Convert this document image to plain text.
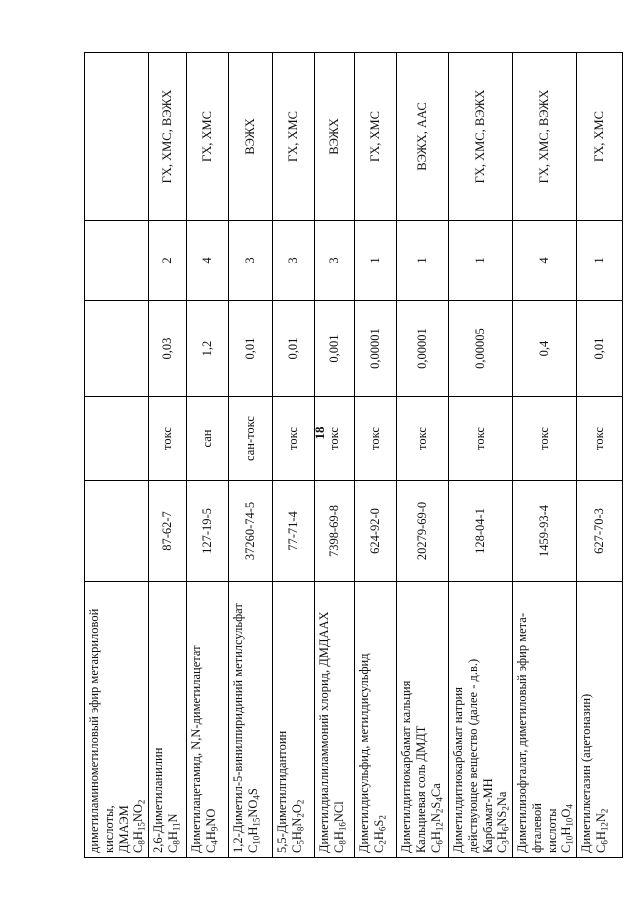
18
диметиламинометиловый эфир метакриловой кислоты, ДМАЭМ $C_8H_{15}NO_2$

2,6-Диметиланилин $C_8H_{11}N$	87-62-7	токс	0,03	2	ГХ, ХМС, ВЭЖХ

Диметилацетамид, N,N-диметилацетат $C_4H_9NO$	127-19-5	сан	1,2	4	ГХ, ХМС

1,2-Диметил-5-винилпиридиний метилсульфат $C_{10}H_{15}NO_4S$	37260-74-5	сан-токс	0,01	3	ВЭЖХ

5,5-Диметилгидантоин $C_5H_8N_2O_2$	77-71-4	токс	0,01	3	ГХ, ХМС

Диметилдиаллиламмоний хлорид, ДМДААХ $C_8H_{16}NCl$	7398-69-8	токс	0,001	3	ВЭЖХ

Диметилдисульфид, метилдисульфид $C_2H_6S_2$	624-92-0	токс	0,00001	1	ГХ, ХМС

Диметилдитиокарбамат кальция Кальциевая соль ДМДТ $C_6H_{12}N_2S_4Ca$	20279-69-0	токс	0,00001	1	ВЭЖХ, ААС

Диметилдитиокарбамат натрия действующее вещество (далее - д.в.) Карбамат-МН $C_3H_6NS_2Na$	128-04-1	токс	0,00005	1	ГХ, ХМС, ВЭЖХ

Диметилизофталат, диметиловый эфир мета-фталевой кислоты $C_{10}H_{10}O_4$	1459-93-4	токс	0,4	4	ГХ, ХМС, ВЭЖХ

Диметилкетазин (ацетоназин) $C_6H_{12}N_2$	627-70-3	токс	0,01	1	ГХ, ХМС
